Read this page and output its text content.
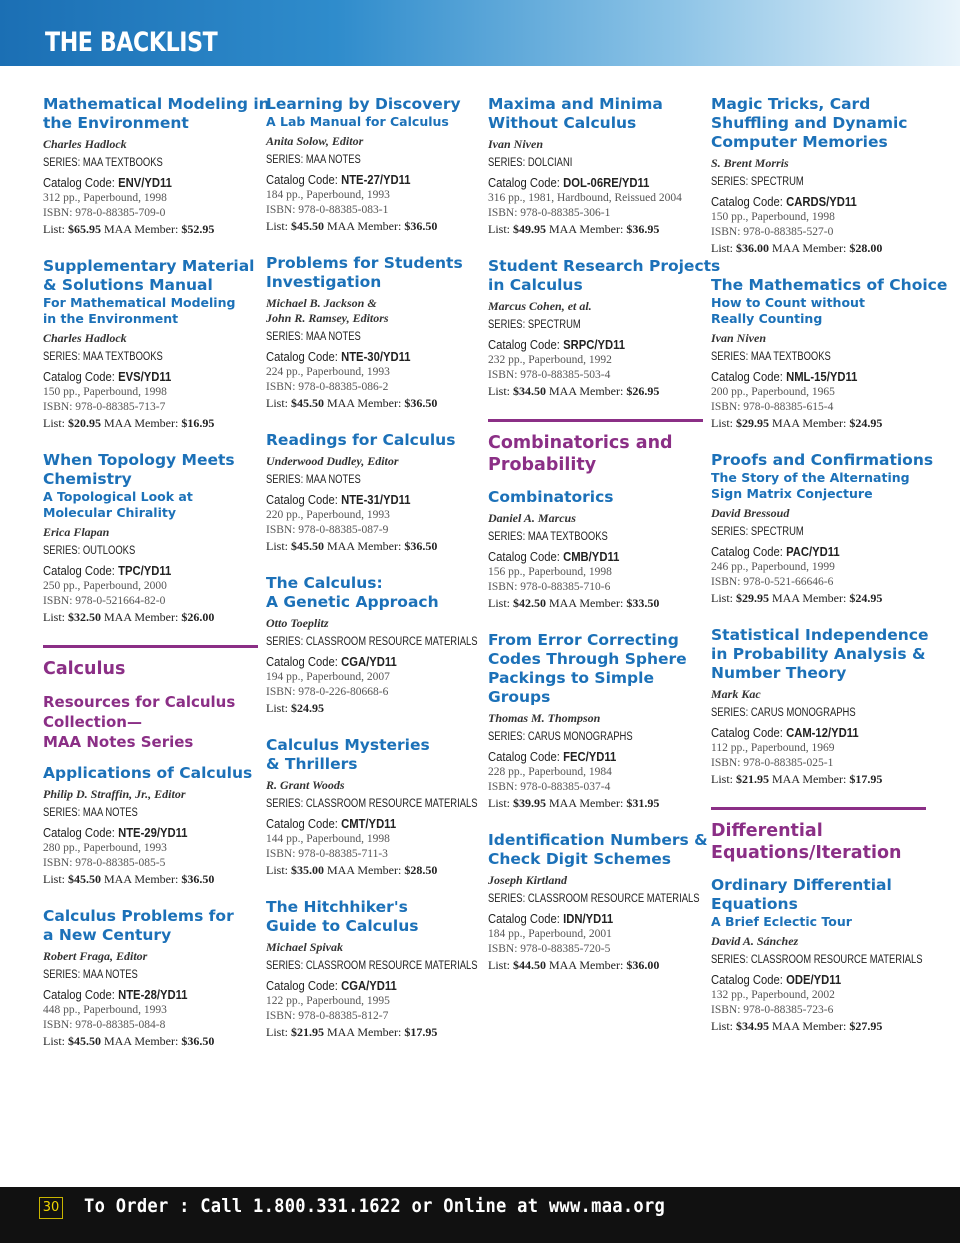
THE BACKLIST
Mathematical Modeling in
the Environment
Charles Hadlock
SERIES: MAA TEXTBOOKS
Catalog Code: ENV/YD11
312 pp., Paperbound, 1998
ISBN: 978-0-88385-709-0
List: $65.95 MAA Member: $52.95
Supplementary Material
& Solutions Manual
For Mathematical Modeling
in the Environment
Charles Hadlock
SERIES: MAA TEXTBOOKS
Catalog Code: EVS/YD11
150 pp., Paperbound, 1998
ISBN: 978-0-88385-713-7
List: $20.95 MAA Member: $16.95
When Topology Meets
Chemistry
A Topological Look at
Molecular Chirality
Erica Flapan
SERIES: OUTLOOKS
Catalog Code: TPC/YD11
250 pp., Paperbound, 2000
ISBN: 978-0-521664-82-0
List: $32.50 MAA Member: $26.00
Calculus
Resources for Calculus
Collection—
MAA Notes Series
Applications of Calculus
Philip D. Straffin, Jr., Editor
SERIES: MAA NOTES
Catalog Code: NTE-29/YD11
280 pp., Paperbound, 1993
ISBN: 978-0-88385-085-5
List: $45.50 MAA Member: $36.50
Calculus Problems for
a New Century
Robert Fraga, Editor
SERIES: MAA NOTES
Catalog Code: NTE-28/YD11
448 pp., Paperbound, 1993
ISBN: 978-0-88385-084-8
List: $45.50 MAA Member: $36.50
Learning by Discovery
A Lab Manual for Calculus
Anita Solow, Editor
SERIES: MAA NOTES
Catalog Code: NTE-27/YD11
184 pp., Paperbound, 1993
ISBN: 978-0-88385-083-1
List: $45.50 MAA Member: $36.50
Problems for Students
Investigation
Michael B. Jackson &
John R. Ramsey, Editors
SERIES: MAA NOTES
Catalog Code: NTE-30/YD11
224 pp., Paperbound, 1993
ISBN: 978-0-88385-086-2
List: $45.50 MAA Member: $36.50
Readings for Calculus
Underwood Dudley, Editor
SERIES: MAA NOTES
Catalog Code: NTE-31/YD11
220 pp., Paperbound, 1993
ISBN: 978-0-88385-087-9
List: $45.50 MAA Member: $36.50
The Calculus:
A Genetic Approach
Otto Toeplitz
SERIES: CLASSROOM RESOURCE MATERIALS
Catalog Code: CGA/YD11
194 pp., Paperbound, 2007
ISBN: 978-0-226-80668-6
List: $24.95
Calculus Mysteries
& Thrillers
R. Grant Woods
SERIES: CLASSROOM RESOURCE MATERIALS
Catalog Code: CMT/YD11
144 pp., Paperbound, 1998
ISBN: 978-0-88385-711-3
List: $35.00 MAA Member: $28.50
The Hitchhiker's
Guide to Calculus
Michael Spivak
SERIES: CLASSROOM RESOURCE MATERIALS
Catalog Code: CGA/YD11
122 pp., Paperbound, 1995
ISBN: 978-0-88385-812-7
List: $21.95 MAA Member: $17.95
Maxima and Minima
Without Calculus
Ivan Niven
SERIES: DOLCIANI
Catalog Code: DOL-06RE/YD11
316 pp., 1981, Hardbound, Reissued 2004
ISBN: 978-0-88385-306-1
List: $49.95 MAA Member: $36.95
Student Research Projects
in Calculus
Marcus Cohen, et al.
SERIES: SPECTRUM
Catalog Code: SRPC/YD11
232 pp., Paperbound, 1992
ISBN: 978-0-88385-503-4
List: $34.50 MAA Member: $26.95
Combinatorics and
Probability
Combinatorics
Daniel A. Marcus
SERIES: MAA TEXTBOOKS
Catalog Code: CMB/YD11
156 pp., Paperbound, 1998
ISBN: 978-0-88385-710-6
List: $42.50 MAA Member: $33.50
From Error Correcting
Codes Through Sphere
Packings to Simple
Groups
Thomas M. Thompson
SERIES: CARUS MONOGRAPHS
Catalog Code: FEC/YD11
228 pp., Paperbound, 1984
ISBN: 978-0-88385-037-4
List: $39.95 MAA Member: $31.95
Identification Numbers &
Check Digit Schemes
Joseph Kirtland
SERIES: CLASSROOM RESOURCE MATERIALS
Catalog Code: IDN/YD11
184 pp., Paperbound, 2001
ISBN: 978-0-88385-720-5
List: $44.50 MAA Member: $36.00
Magic Tricks, Card
Shuffling and Dynamic
Computer Memories
S. Brent Morris
SERIES: SPECTRUM
Catalog Code: CARDS/YD11
150 pp., Paperbound, 1998
ISBN: 978-0-88385-527-0
List: $36.00 MAA Member: $28.00
The Mathematics of Choice
How to Count without
Really Counting
Ivan Niven
SERIES: MAA TEXTBOOKS
Catalog Code: NML-15/YD11
200 pp., Paperbound, 1965
ISBN: 978-0-88385-615-4
List: $29.95 MAA Member: $24.95
Proofs and Confirmations
The Story of the Alternating
Sign Matrix Conjecture
David Bressoud
SERIES: SPECTRUM
Catalog Code: PAC/YD11
246 pp., Paperbound, 1999
ISBN: 978-0-521-66646-6
List: $29.95 MAA Member: $24.95
Statistical Independence
in Probability Analysis &
Number Theory
Mark Kac
SERIES: CARUS MONOGRAPHS
Catalog Code: CAM-12/YD11
112 pp., Paperbound, 1969
ISBN: 978-0-88385-025-1
List: $21.95 MAA Member: $17.95
Differential
Equations/Iteration
Ordinary Differential
Equations
A Brief Eclectic Tour
David A. Sánchez
SERIES: CLASSROOM RESOURCE MATERIALS
Catalog Code: ODE/YD11
132 pp., Paperbound, 2002
ISBN: 978-0-88385-723-6
List: $34.95 MAA Member: $27.95
30 To Order : Call 1.800.331.1622 or Online at www.maa.org
